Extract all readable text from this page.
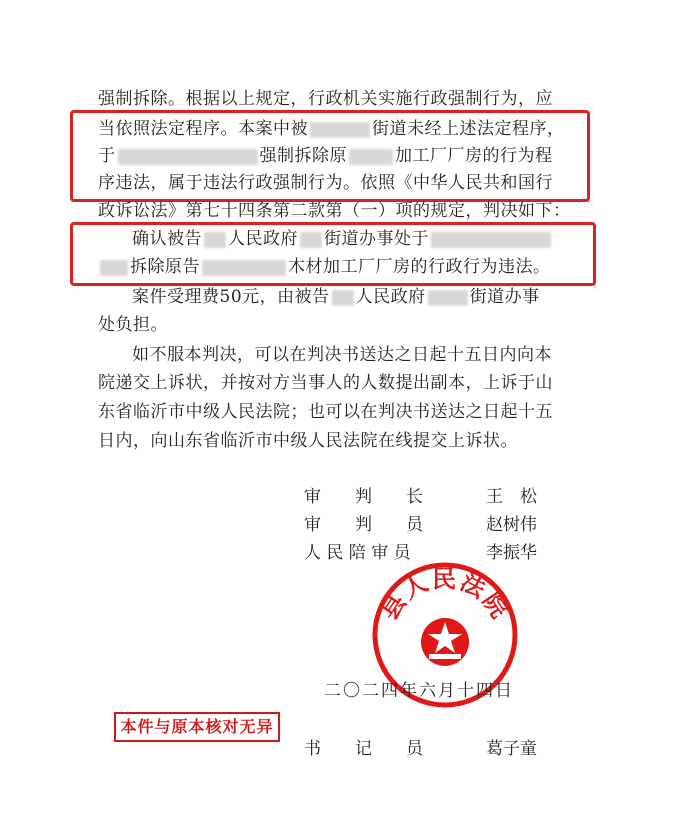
强制拆除。根据以上规定，行政机关实施行政强制行为，应
当依照法定程序。本案中被	街道未经上述法定程序，
于	强制拆除原	加工厂厂房的行为程
序违法，属于违法行政强制行为。依照《中华人民共和国行
政诉讼法》第七十四条第二款第（一）项的规定，判决如下：
确认被告 人民政府 街道办事处于
拆除原告	木材加工厂厂房的行政行为违法。
案件受理费50元，由被告 人民政府	街道办事
处负担。
如不服本判决，可以在判决书送达之日起十五日内向本
院递交上诉状，并按对方当事人的人数提出副本，上诉于山
东省临沂市中级人民法院；也可以在判决书送达之日起十五
日内，向山东省临沂市中级人民法院在线提交上诉状。
审　　判　　长	王　松
审　　判　　员	赵树伟
人 民 陪 审 员	李振华
县人民法院
二〇二四年六月十四日
本件与原本核对无异
书　　记　　员	葛子童
